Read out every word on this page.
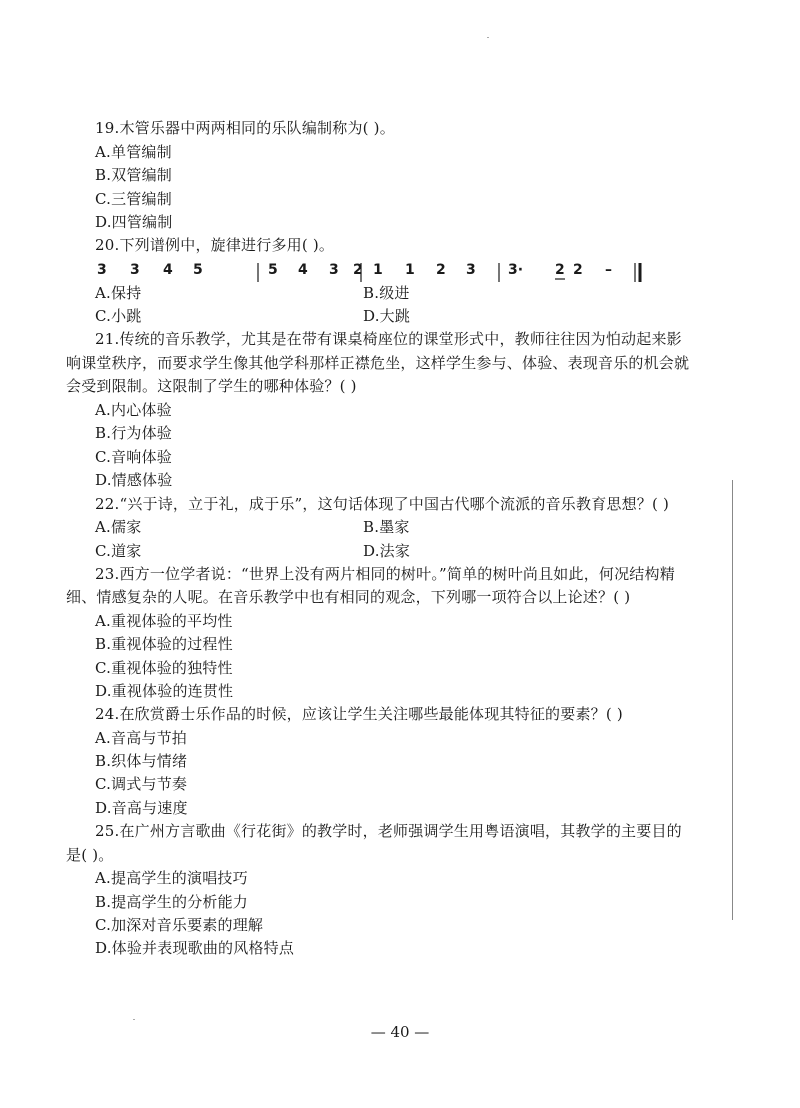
19.木管乐器中两两相同的乐队编制称为( )。
A.单管编制
B.双管编制
C.三管编制
D.四管编制
20.下列谱例中，旋律进行多用( )。
3 3 4 5	5 4 3 2 1 1 2 3 3· 2 2 –
A.保持	B.级进
C.小跳	D.大跳
21.传统的音乐教学，尤其是在带有课桌椅座位的课堂形式中，教师往往因为怕动起来影
响课堂秩序，而要求学生像其他学科那样正襟危坐，这样学生参与、体验、表现音乐的机会就
会受到限制。这限制了学生的哪种体验？( )
A.内心体验
B.行为体验
C.音响体验
D.情感体验
22.“兴于诗，立于礼，成于乐”，这句话体现了中国古代哪个流派的音乐教育思想？( )
A.儒家	B.墨家
C.道家	D.法家
23.西方一位学者说：“世界上没有两片相同的树叶。”简单的树叶尚且如此，何况结构精
细、情感复杂的人呢。在音乐教学中也有相同的观念，下列哪一项符合以上论述？( )
A.重视体验的平均性
B.重视体验的过程性
C.重视体验的独特性
D.重视体验的连贯性
24.在欣赏爵士乐作品的时候，应该让学生关注哪些最能体现其特征的要素？( )
A.音高与节拍
B.织体与情绪
C.调式与节奏
D.音高与速度
25.在广州方言歌曲《行花街》的教学时，老师强调学生用粤语演唱，其教学的主要目的
是( )。
A.提高学生的演唱技巧
B.提高学生的分析能力
C.加深对音乐要素的理解
D.体验并表现歌曲的风格特点
— 40 —
